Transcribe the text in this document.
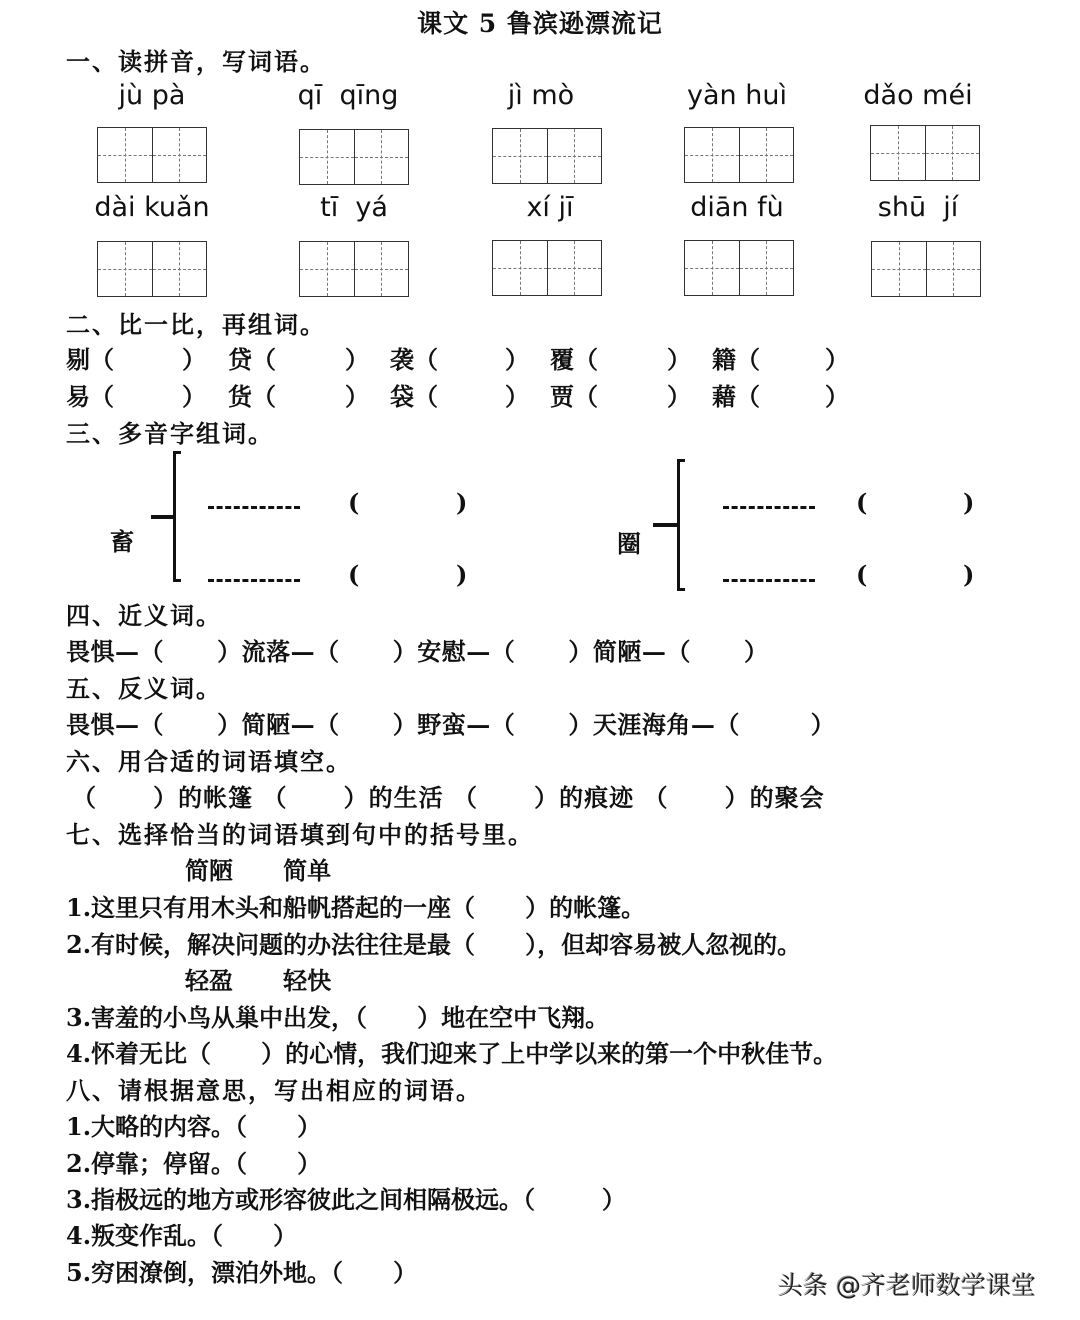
课文 5 鲁滨逊漂流记
一、读拼音，写词语。
jù pà	qī  qīng	jì mò	yàn huì	dǎo méi
dài kuǎn	tī  yá	xí jī	diān fù	shū  jí
二、比一比，再组词。
剔（	） 贷（	） 袭（	） 覆（	） 籍（	）
易（	） 货（	） 袋（	） 贾（	） 藉（	）
三、多音字组词。
畜
(	)
(	)
圈
(	)
(	)
四、近义词。
畏惧—（      ）流落—（      ）安慰—（      ）简陋—（      ）
五、反义词。
畏惧—（      ）简陋—（      ）野蛮—（      ）天涯海角—（        ）
六、用合适的词语填空。
（      ）的帐篷 （      ）的生活 （      ）的痕迹 （      ）的聚会
七、选择恰当的词语填到句中的括号里。
简陋      简单
1.这里只有用木头和船帆搭起的一座（      ）的帐篷。
2.有时候，解决问题的办法往往是最（      ），但却容易被人忽视的。
轻盈      轻快
3.害羞的小鸟从巢中出发，（      ）地在空中飞翔。
4.怀着无比（      ）的心情，我们迎来了上中学以来的第一个中秋佳节。
八、请根据意思，写出相应的词语。
1.大略的内容。（      ）
2.停靠；停留。（      ）
3.指极远的地方或形容彼此之间相隔极远。（        ）
4.叛变作乱。（      ）
5.穷困潦倒，漂泊外地。（      ）	头条 @齐老师数学课堂
